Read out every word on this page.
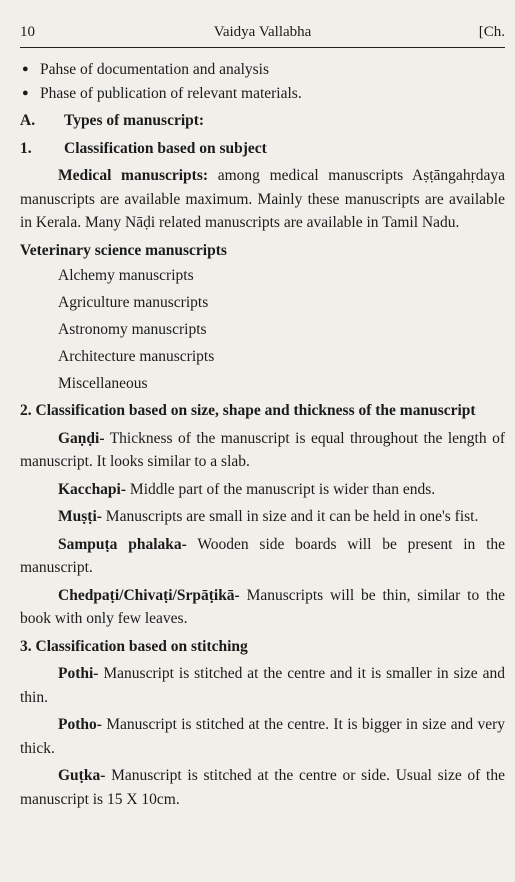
10	Vaidya Vallabha	[Ch.
● Pahse of documentation and analysis
● Phase of publication of relevant materials.
A. Types of manuscript:
1. Classification based on subject

Medical manuscripts: among medical manuscripts Aṣṭāngahṛdaya manuscripts are available maximum. Mainly these manuscripts are available in Kerala. Many Nāḍi related manuscripts are available in Tamil Nadu.

Veterinary science manuscripts
Alchemy manuscripts
Agriculture manuscripts
Astronomy manuscripts
Architecture manuscripts
Miscellaneous
2. Classification based on size, shape and thickness of the manuscript

Gaṇḍi- Thickness of the manuscript is equal throughout the length of manuscript. It looks similar to a slab.

Kacchapi- Middle part of the manuscript is wider than ends.

Muṣṭi- Manuscripts are small in size and it can be held in one's fist.

Sampuṭa phalaka- Wooden side boards will be present in the manuscript.

Chedpaṭi/Chivaṭi/Srpāṭikā- Manuscripts will be thin, similar to the book with only few leaves.

3. Classification based on stitching

Pothi- Manuscript is stitched at the centre and it is smaller in size and thin.

Potho- Manuscript is stitched at the centre. It is bigger in size and very thick.

Guṭka- Manuscript is stitched at the centre or side. Usual size of the manuscript is 15 X 10cm.
